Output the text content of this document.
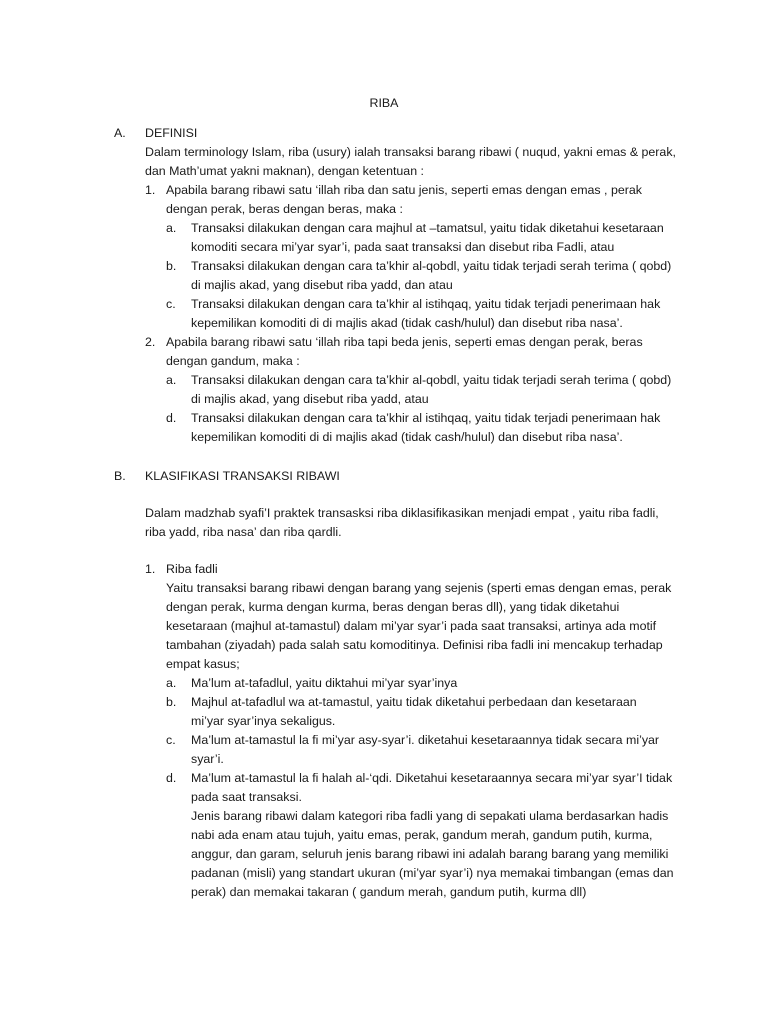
RIBA
A. DEFINISI
Dalam terminology Islam, riba (usury) ialah transaksi barang ribawi ( nuqud, yakni emas & perak,
dan Math’umat yakni maknan), dengan ketentuan :
1. Apabila barang ribawi satu ‘illah riba dan satu jenis, seperti emas dengan emas , perak
dengan perak, beras dengan beras, maka :
a. Transaksi dilakukan dengan cara majhul at –tamatsul, yaitu tidak diketahui kesetaraan
komoditi secara mi’yar syar’i, pada saat transaksi dan disebut riba Fadli, atau
b. Transaksi dilakukan dengan cara ta’khir al-qobdl, yaitu tidak terjadi serah terima ( qobd)
di majlis akad, yang disebut riba yadd, dan atau
c. Transaksi dilakukan dengan cara ta’khir al istihqaq, yaitu tidak terjadi penerimaan hak
kepemilikan komoditi di di majlis akad (tidak cash/hulul) dan disebut riba nasa’.
2. Apabila barang ribawi satu ‘illah riba tapi beda jenis, seperti emas dengan perak, beras
dengan gandum, maka :
a. Transaksi dilakukan dengan cara ta’khir al-qobdl, yaitu tidak terjadi serah terima ( qobd)
di majlis akad, yang disebut riba yadd, atau
d. Transaksi dilakukan dengan cara ta’khir al istihqaq, yaitu tidak terjadi penerimaan hak
kepemilikan komoditi di di majlis akad (tidak cash/hulul) dan disebut riba nasa’.
B. KLASIFIKASI TRANSAKSI RIBAWI
Dalam madzhab syafi’I praktek transasksi riba diklasifikasikan menjadi empat , yaitu riba fadli,
riba yadd, riba nasa’ dan riba qardli.
1. Riba fadli
Yaitu transaksi barang ribawi dengan barang yang sejenis (sperti emas dengan emas, perak
dengan perak, kurma dengan kurma, beras dengan beras dll), yang tidak diketahui
kesetaraan (majhul at-tamastul) dalam mi’yar syar’i pada saat transaksi, artinya ada motif
tambahan (ziyadah) pada salah satu komoditinya. Definisi riba fadli ini mencakup terhadap
empat kasus;
a. Ma’lum at-tafadlul, yaitu diktahui mi’yar syar’inya
b. Majhul at-tafadlul wa at-tamastul, yaitu tidak diketahui perbedaan dan kesetaraan
mi’yar syar’inya sekaligus.
c. Ma’lum at-tamastul la fi mi’yar asy-syar’i. diketahui kesetaraannya tidak secara mi’yar
syar’i.
d. Ma’lum at-tamastul la fi halah al-‘qdi. Diketahui kesetaraannya secara mi’yar syar’I tidak
pada saat transaksi.
Jenis barang ribawi dalam kategori riba fadli yang di sepakati ulama berdasarkan hadis
nabi ada enam atau tujuh, yaitu emas, perak, gandum merah, gandum putih, kurma,
anggur, dan garam, seluruh jenis barang ribawi ini adalah barang barang yang memiliki
padanan (misli) yang standart ukuran (mi’yar syar’i) nya memakai timbangan (emas dan
perak) dan memakai takaran ( gandum merah, gandum putih, kurma dll)
